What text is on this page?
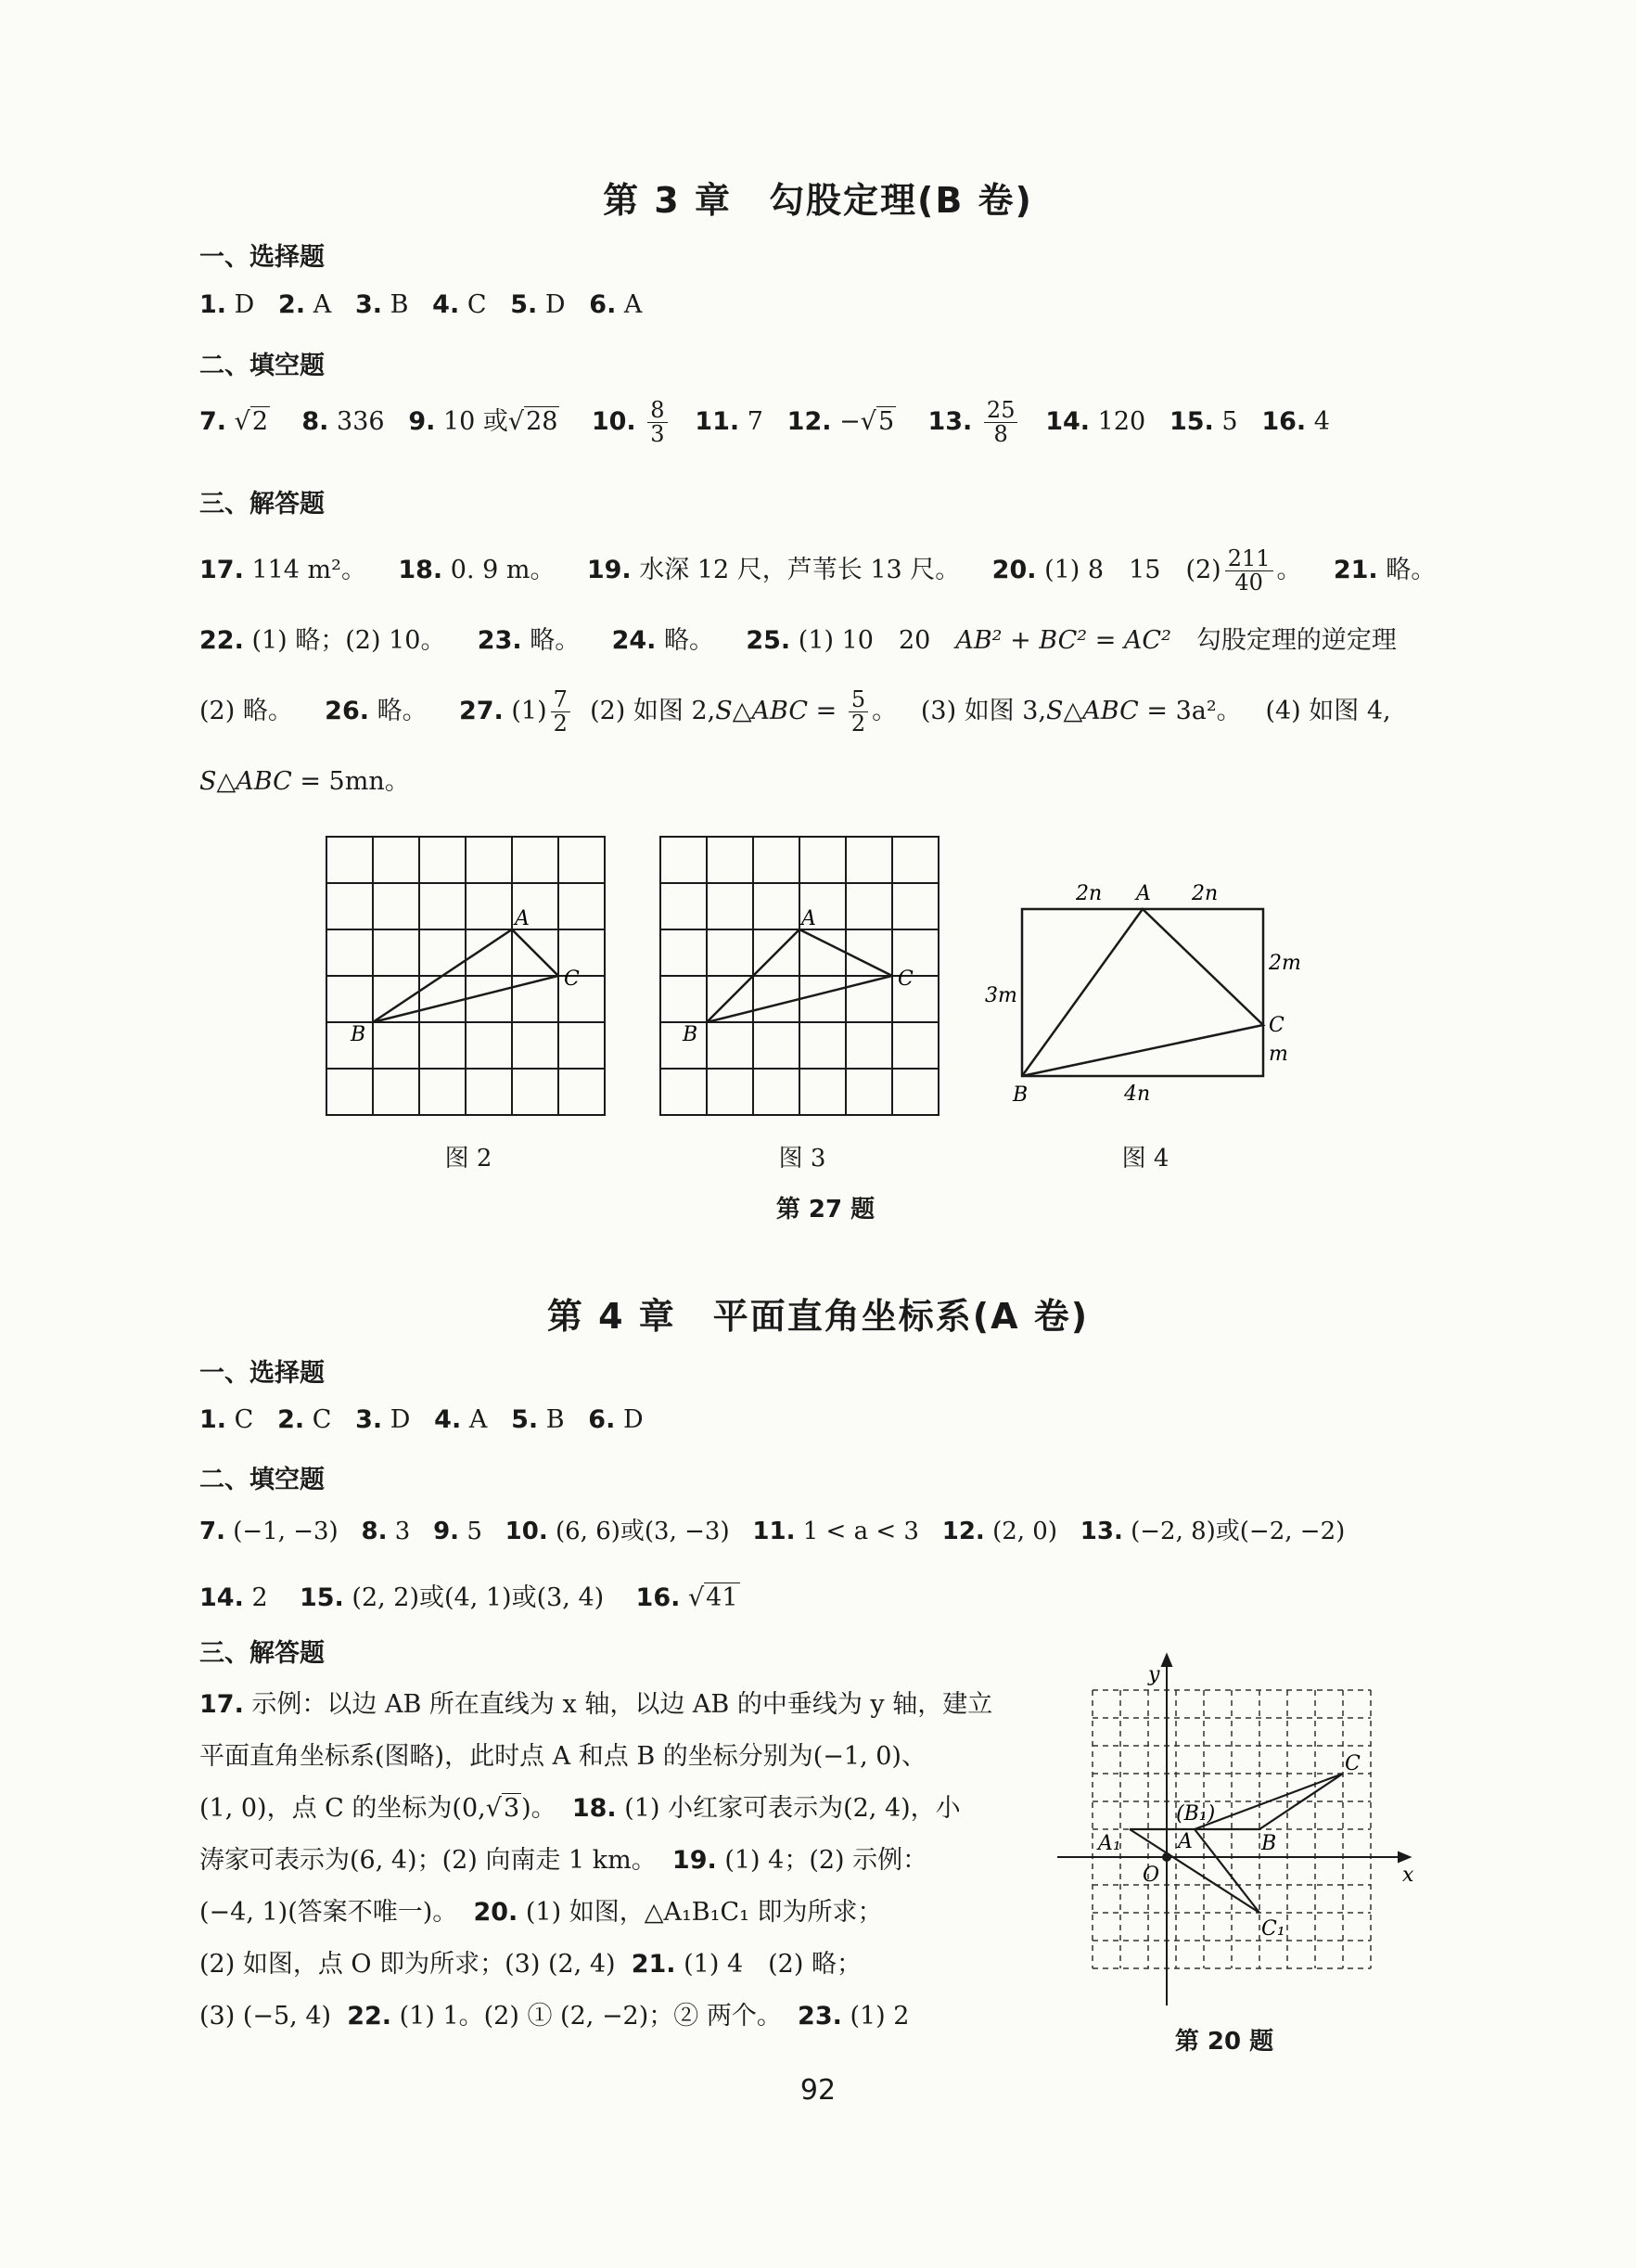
第 3 章　勾股定理(B 卷)
一、选择题
1. D 2. A 3. B 4. C 5. D 6. A
二、填空题
7. √2 8. 336 9. 10 或√28 10. $\frac{8}{3} 11$. 7 12. −√5 13. $\frac{25}{8} 14$. 120 15. 5 16. 4
三、解答题
17. 114 m²。 18. 0. 9 m。 19. 水深 12 尺，芦苇长 13 尺。 20. (1) 8　15　$(2) \frac{211}{40}$ 。 21. 略。
22. (1) 略；(2) 10。 23. 略。 24. 略。 25. (1) 10　20　AB² + BC² = AC²　勾股定理的逆定理
(2) 略。 26. 略。 27. $(1) \frac{7}{2} (2)$ 如图 2,S△ABC = $\frac{5}{2}$ 。 (3) 如图 3,S△ABC = 3a²。 (4) 如图 4,
S△ABC = 5mn。
A
C
B
图 2
A
C
B
图 3
2n A 2n
2m
3m
C
m
B	4n
图 4
第 27 题
第 4 章　平面直角坐标系(A 卷)
一、选择题
1. C 2. C 3. D 4. A 5. B 6. D
二、填空题
7. (−1, −3) 8. 3 9. 5 10. (6, 6)或(3, −3) 11. 1 < a < 3 12. (2, 0) 13. (−2, 8)或(−2, −2)
14. 2 15. (2, 2)或(4, 1)或(3, 4) 16. √41
三、解答题
17. 示例：以边 AB 所在直线为 x 轴，以边 AB 的中垂线为 y 轴，建立
平面直角坐标系(图略)，此时点 A 和点 B 的坐标分别为(−1, 0)、
(1, 0)，点 C 的坐标为(0,√3)。 18. (1) 小红家可表示为(2, 4)，小
涛家可表示为(6, 4)；(2) 向南走 1 km。 19. (1) 4；(2) 示例：
(−4, 1)(答案不唯一)。 20. (1) 如图，△A₁B₁C₁ 即为所求；
(2) 如图，点 O 即为所求；(3) (2, 4) 21. (1) 4　(2) 略；
(3) (−5, 4) 22. (1) 1。(2) ① (2, −2)；② 两个。 23. (1) 2
y
x
O
A
A₁	B
(B₁)
C
C₁
第 20 题
92
